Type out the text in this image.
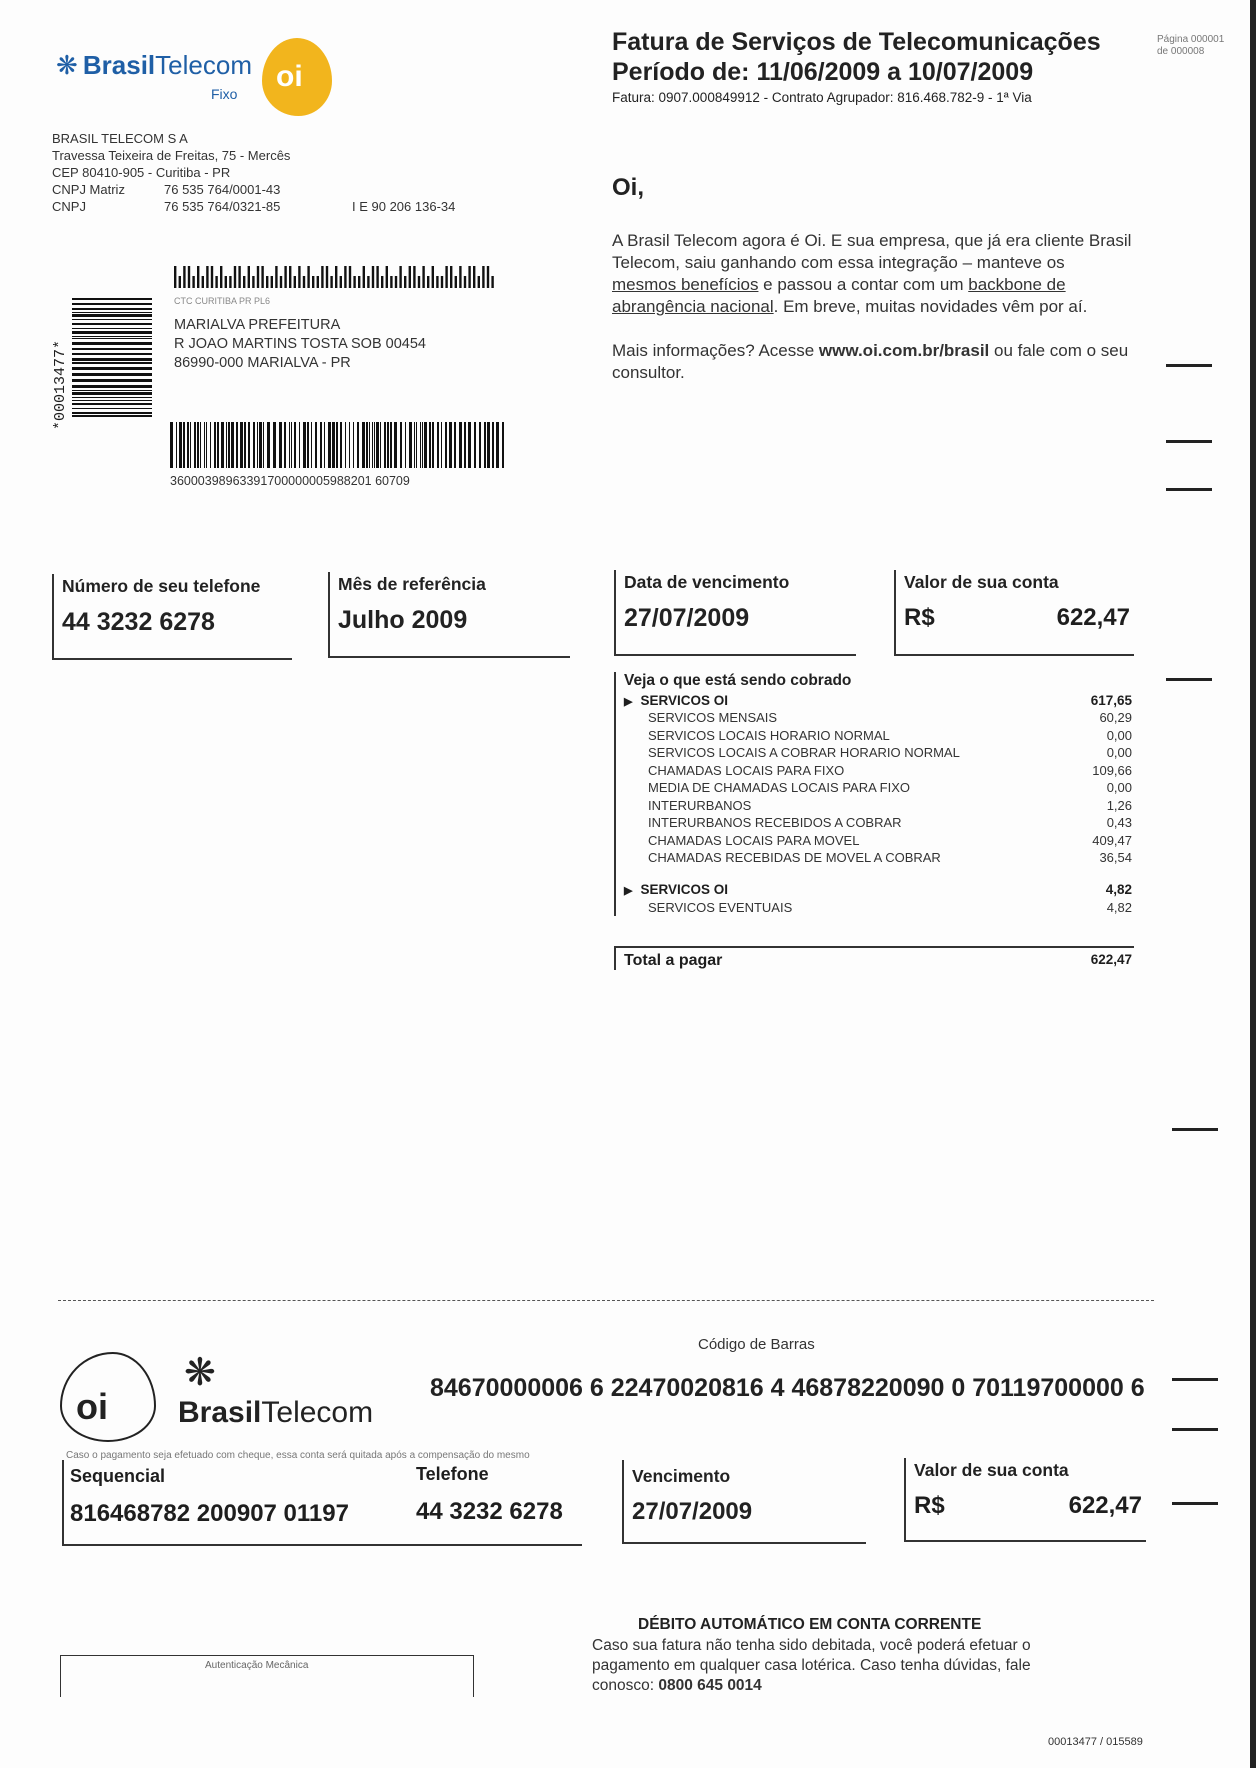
❋ BrasilTelecom
Fixo
oi
BRASIL TELECOM S A
Travessa Teixeira de Freitas, 75 - Mercês
CEP 80410-905 - Curitiba - PR
CNPJ Matriz	76 535 764/0001-43
CNPJ	76 535 764/0321-85	I E 90 206 136-34
Fatura de Serviços de Telecomunicações
Período de: 11/06/2009 a 10/07/2009
Fatura: 0907.000849912 - Contrato Agrupador: 816.468.782-9 - 1ª Via
Página 000001 de 000008
Oi,
A Brasil Telecom agora é Oi. E sua empresa, que já era cliente Brasil Telecom, saiu ganhando com essa integração – manteve os mesmos benefícios e passou a contar com um backbone de abrangência nacional. Em breve, muitas novidades vêm por aí.
Mais informações? Acesse www.oi.com.br/brasil ou fale com o seu consultor.
CTC CURITIBA PR PL6
MARIALVA PREFEITURA
R JOAO MARTINS TOSTA SOB 00454
86990-000 MARIALVA - PR
*00013477*
36000398963391700000005988201 60709
Número de seu telefone
44 3232 6278
Mês de referência
Julho 2009
Data de vencimento
27/07/2009
Valor de sua conta
R$	622,47
Veja o que está sendo cobrado
▶ SERVICOS OI	617,65
SERVICOS MENSAIS	60,29
SERVICOS LOCAIS HORARIO NORMAL	0,00
SERVICOS LOCAIS A COBRAR HORARIO NORMAL	0,00
CHAMADAS LOCAIS PARA FIXO	109,66
MEDIA DE CHAMADAS LOCAIS PARA FIXO	0,00
INTERURBANOS	1,26
INTERURBANOS RECEBIDOS A COBRAR	0,43
CHAMADAS LOCAIS PARA MOVEL	409,47
CHAMADAS RECEBIDAS DE MOVEL A COBRAR	36,54
▶ SERVICOS OI	4,82
SERVICOS EVENTUAIS	4,82
Total a pagar	622,47
oi
❋
BrasilTelecom
Código de Barras
84670000006 6 22470020816 4 46878220090 0 70119700000 6
Caso o pagamento seja efetuado com cheque, essa conta será quitada após a compensação do mesmo
Sequencial
816468782 200907 01197
Telefone
44 3232 6278
Vencimento
27/07/2009
Valor de sua conta
R$	622,47
DÉBITO AUTOMÁTICO EM CONTA CORRENTE
Caso sua fatura não tenha sido debitada, você poderá efetuar o pagamento em qualquer casa lotérica. Caso tenha dúvidas, fale conosco: 0800 645 0014
Autenticação Mecânica
00013477 / 015589
